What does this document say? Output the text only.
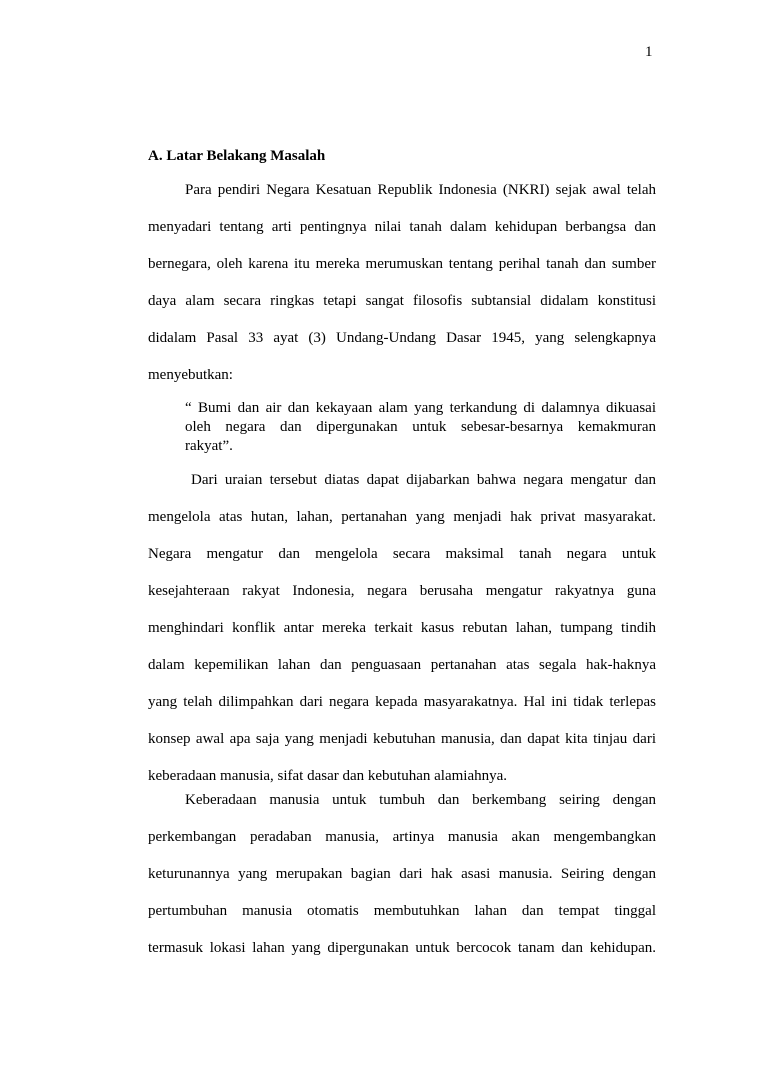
1
A. Latar Belakang Masalah
Para pendiri Negara Kesatuan Republik Indonesia (NKRI) sejak awal telah
menyadari tentang arti pentingnya nilai tanah dalam kehidupan berbangsa dan
bernegara, oleh karena itu mereka merumuskan tentang perihal tanah dan sumber
daya alam secara ringkas tetapi sangat filosofis subtansial didalam konstitusi
didalam Pasal 33 ayat (3) Undang-Undang Dasar 1945, yang selengkapnya
menyebutkan:
“ Bumi dan air dan kekayaan alam yang terkandung di dalamnya dikuasai
oleh negara dan dipergunakan untuk sebesar-besarnya kemakmuran
rakyat”.
Dari uraian tersebut diatas dapat dijabarkan bahwa negara mengatur dan
mengelola atas hutan, lahan, pertanahan yang menjadi hak privat masyarakat.
Negara mengatur dan mengelola secara maksimal tanah negara untuk
kesejahteraan rakyat Indonesia, negara berusaha mengatur rakyatnya guna
menghindari konflik antar mereka terkait kasus rebutan lahan, tumpang tindih
dalam kepemilikan lahan dan penguasaan pertanahan atas segala hak-haknya
yang telah dilimpahkan dari negara kepada masyarakatnya. Hal ini tidak terlepas
konsep awal apa saja yang menjadi kebutuhan manusia, dan dapat kita tinjau dari
keberadaan manusia, sifat dasar dan kebutuhan alamiahnya.
Keberadaan manusia untuk tumbuh dan berkembang seiring dengan
perkembangan peradaban manusia, artinya manusia akan mengembangkan
keturunannya yang merupakan bagian dari hak asasi manusia. Seiring dengan
pertumbuhan manusia otomatis membutuhkan lahan dan tempat tinggal
termasuk lokasi lahan yang dipergunakan untuk bercocok tanam dan kehidupan.
